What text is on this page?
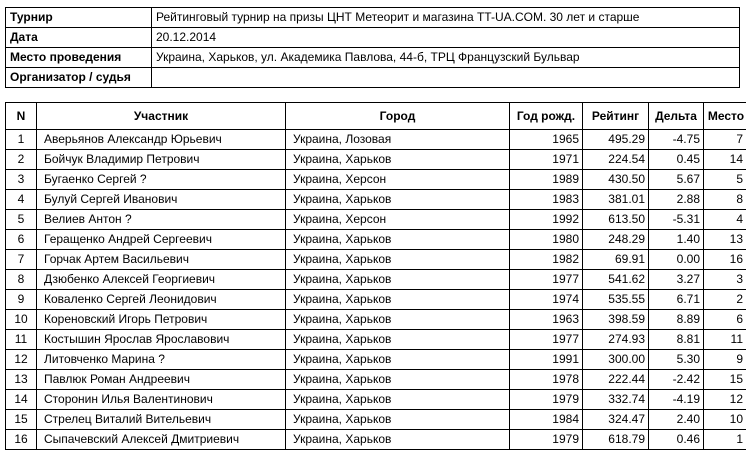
Турнир	Рейтинговый турнир на призы ЦНТ Метеорит и магазина TT-UA.COM. 30 лет и старше
Дата	20.12.2014
Место проведения	Украина, Харьков, ул. Академика Павлова, 44-б, ТРЦ Французский Бульвар
Организатор / судья	
N	Участник	Город	Год рожд.	Рейтинг	Дельта	Место
1	Аверьянов Александр Юрьевич	Украина, Лозовая	1965	495.29	-4.75	7
2	Бойчук Владимир Петрович	Украина, Харьков	1971	224.54	0.45	14
3	Бугаенко Сергей ?	Украина, Херсон	1989	430.50	5.67	5
4	Булуй Сергей Иванович	Украина, Харьков	1983	381.01	2.88	8
5	Велиев Антон ?	Украина, Херсон	1992	613.50	-5.31	4
6	Геращенко Андрей Сергеевич	Украина, Харьков	1980	248.29	1.40	13
7	Горчак Артем Васильевич	Украина, Харьков	1982	69.91	0.00	16
8	Дзюбенко Алексей Георгиевич	Украина, Харьков	1977	541.62	3.27	3
9	Коваленко Сергей Леонидович	Украина, Харьков	1974	535.55	6.71	2
10	Кореновский Игорь Петрович	Украина, Харьков	1963	398.59	8.89	6
11	Костышин Ярослав Ярославович	Украина, Харьков	1977	274.93	8.81	11
12	Литовченко Марина ?	Украина, Харьков	1991	300.00	5.30	9
13	Павлюк Роман Андреевич	Украина, Харьков	1978	222.44	-2.42	15
14	Сторонин Илья Валентинович	Украина, Харьков	1979	332.74	-4.19	12
15	Стрелец Виталий Вительевич	Украина, Харьков	1984	324.47	2.40	10
16	Сыпачевский Алексей Дмитриевич	Украина, Харьков	1979	618.79	0.46	1
